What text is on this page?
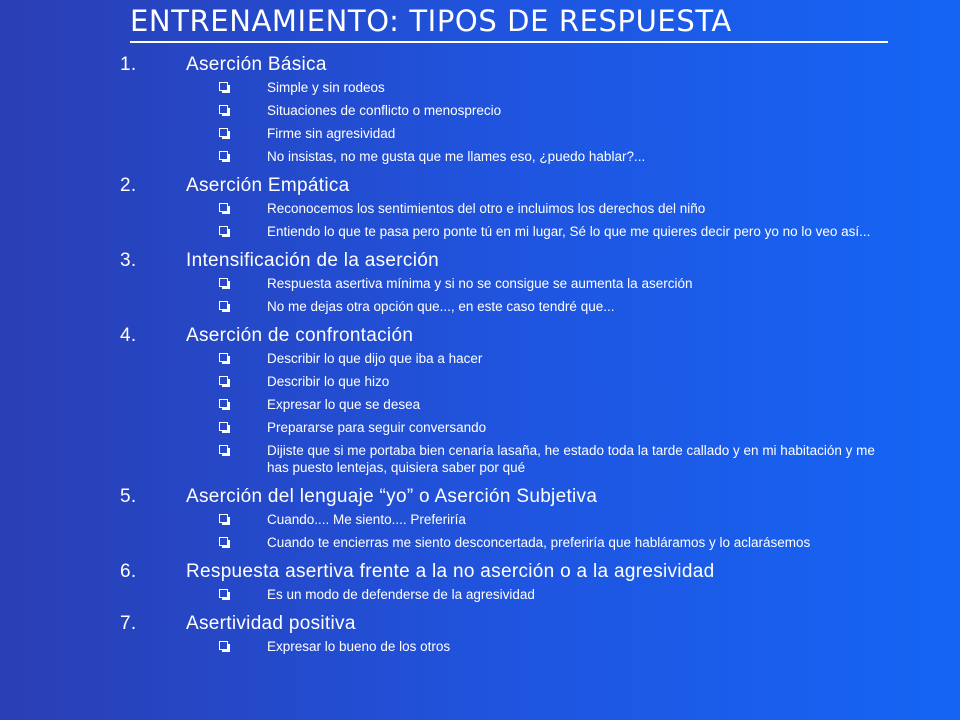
ENTRENAMIENTO: TIPOS DE RESPUESTA
1.	Aserción Básica
Simple y sin rodeos
Situaciones de conflicto o menosprecio
Firme sin agresividad
No insistas, no me gusta que me llames eso, ¿puedo hablar?...
2.	Aserción Empática
Reconocemos los sentimientos del otro e incluimos los derechos del niño
Entiendo lo que te pasa pero ponte tú en mi lugar, Sé lo que me quieres decir pero yo no lo veo así...
3.	Intensificación de la aserción
Respuesta asertiva mínima y si no se consigue se aumenta la aserción
No me dejas otra opción que..., en este caso tendré que...
4.	Aserción de confrontación
Describir lo que dijo que iba a hacer
Describir lo que hizo
Expresar lo que se desea
Prepararse para seguir conversando
Dijiste que si me portaba bien cenaría lasaña, he estado toda la tarde callado y en mi habitación y me has puesto lentejas, quisiera saber por qué
5.	Aserción del lenguaje “yo” o Aserción Subjetiva
Cuando.... Me siento.... Preferiría
Cuando te encierras me siento desconcertada, preferiría que habláramos y lo aclarásemos
6.	Respuesta asertiva frente a la no aserción o a la agresividad
Es un modo de defenderse de la agresividad
7.	Asertividad positiva
Expresar lo bueno de los otros
